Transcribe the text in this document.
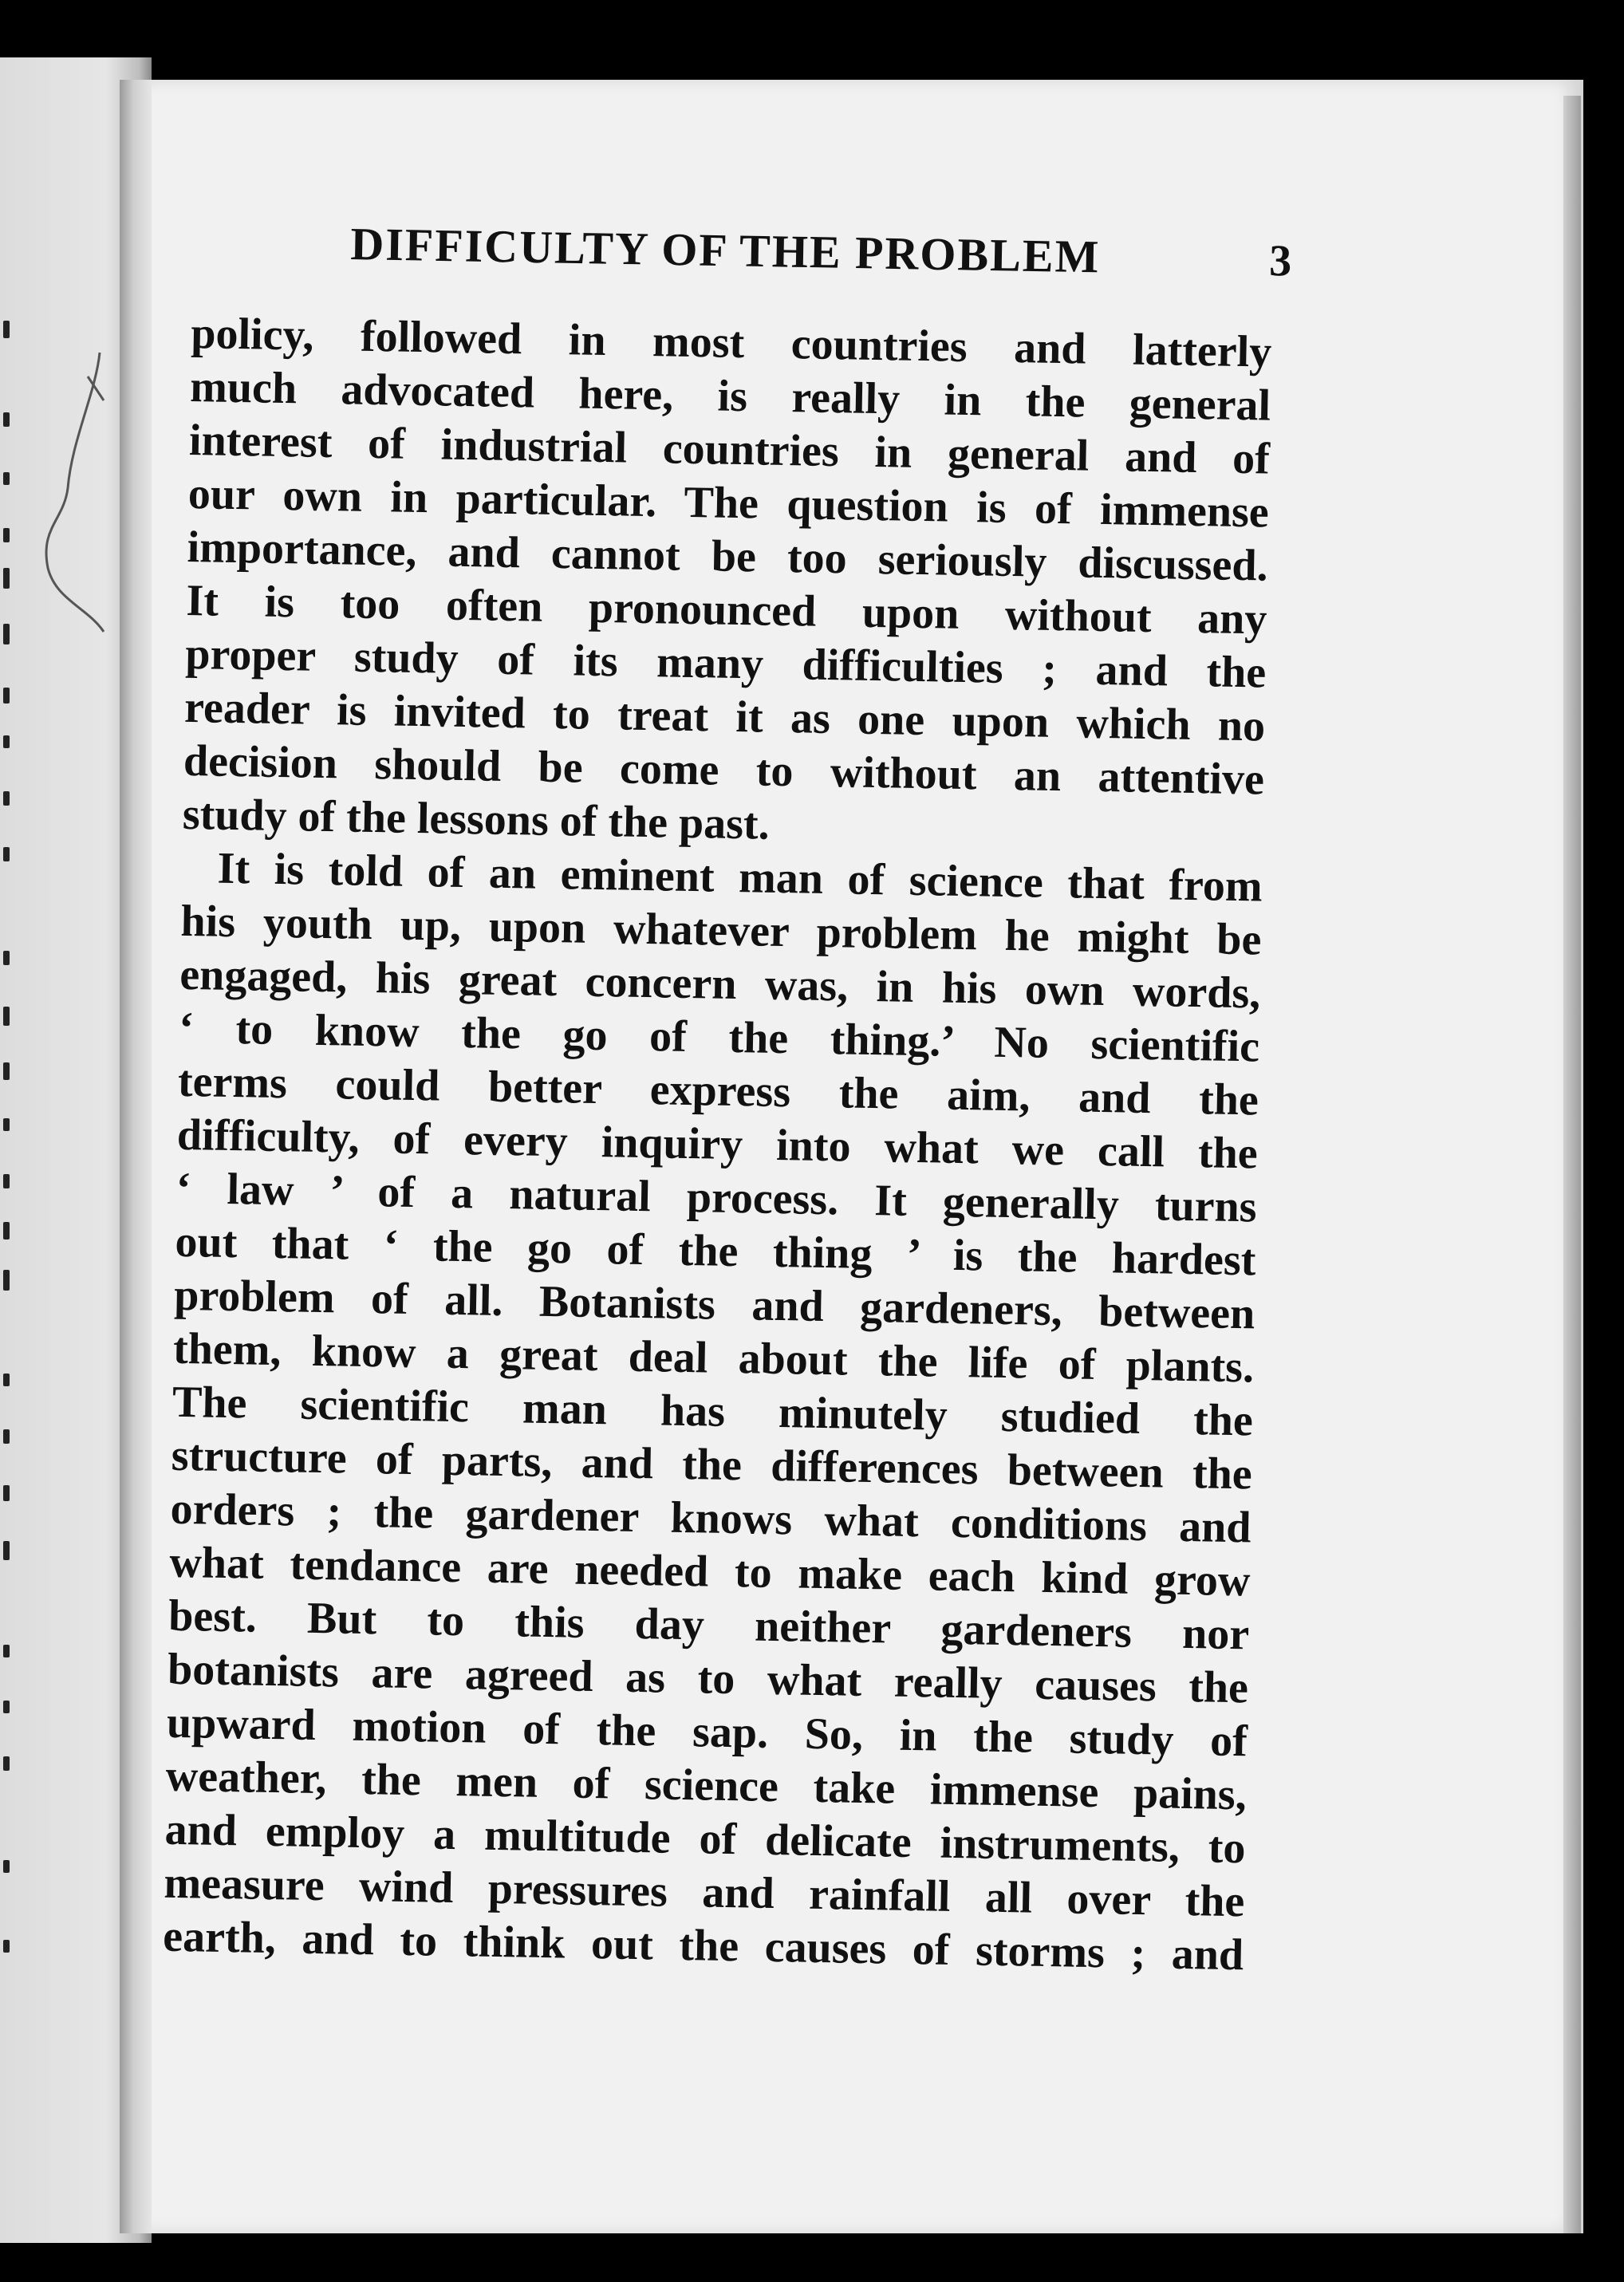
DIFFICULTY OF THE PROBLEM	3
policy, followed in most countries and latterly
much advocated here, is really in the general
interest of industrial countries in general and of
our own in particular. The question is of immense
importance, and cannot be too seriously discussed.
It is too often pronounced upon without any
proper study of its many difficulties ; and the
reader is invited to treat it as one upon which no
decision should be come to without an attentive
study of the lessons of the past.
It is told of an eminent man of science that from
his youth up, upon whatever problem he might be
engaged, his great concern was, in his own words,
‘ to know the go of the thing.’ No scientific
terms could better express the aim, and the
difficulty, of every inquiry into what we call the
‘ law ’ of a natural process. It generally turns
out that ‘ the go of the thing ’ is the hardest
problem of all. Botanists and gardeners, between
them, know a great deal about the life of plants.
The scientific man has minutely studied the
structure of parts, and the differences between the
orders ; the gardener knows what conditions and
what tendance are needed to make each kind grow
best. But to this day neither gardeners nor
botanists are agreed as to what really causes the
upward motion of the sap. So, in the study of
weather, the men of science take immense pains,
and employ a multitude of delicate instruments, to
measure wind pressures and rainfall all over the
earth, and to think out the causes of storms ; and
